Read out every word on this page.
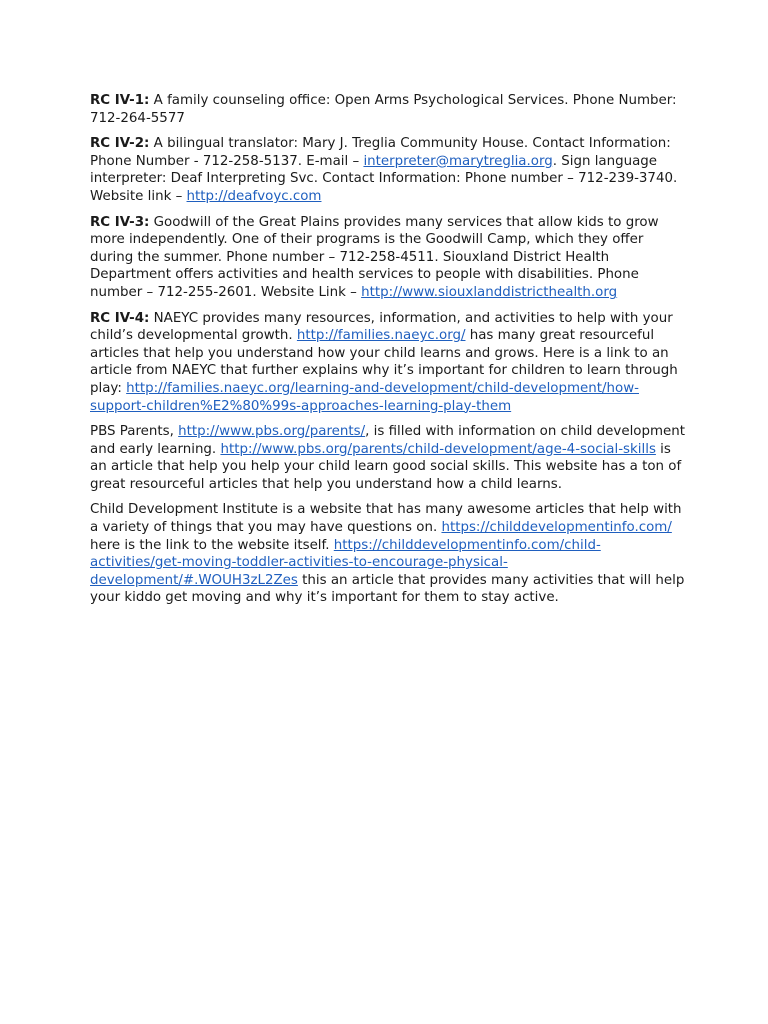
RC IV-1: A family counseling office: Open Arms Psychological Services. Phone Number: 712-264-5577

RC IV-2: A bilingual translator: Mary J. Treglia Community House. Contact Information: Phone Number - 712-258-5137. E-mail – interpreter@marytreglia.org. Sign language interpreter: Deaf Interpreting Svc. Contact Information: Phone number – 712-239-3740. Website link – http://deafvoyc.com

RC IV-3: Goodwill of the Great Plains provides many services that allow kids to grow more independently. One of their programs is the Goodwill Camp, which they offer during the summer. Phone number – 712-258-4511. Siouxland District Health Department offers activities and health services to people with disabilities. Phone number – 712-255-2601. Website Link – http://www.siouxlanddistricthealth.org

RC IV-4: NAEYC provides many resources, information, and activities to help with your child’s developmental growth. http://families.naeyc.org/ has many great resourceful articles that help you understand how your child learns and grows. Here is a link to an article from NAEYC that further explains why it’s important for children to learn through play: http://families.naeyc.org/learning-and-development/child-development/how-support-children%E2%80%99s-approaches-learning-play-them

PBS Parents, http://www.pbs.org/parents/, is filled with information on child development and early learning. http://www.pbs.org/parents/child-development/age-4-social-skills is an article that help you help your child learn good social skills. This website has a ton of great resourceful articles that help you understand how a child learns.

Child Development Institute is a website that has many awesome articles that help with a variety of things that you may have questions on. https://childdevelopmentinfo.com/ here is the link to the website itself. https://childdevelopmentinfo.com/child-activities/get-moving-toddler-activities-to-encourage-physical-development/#.WOUH3zL2Zes this an article that provides many activities that will help your kiddo get moving and why it’s important for them to stay active.
